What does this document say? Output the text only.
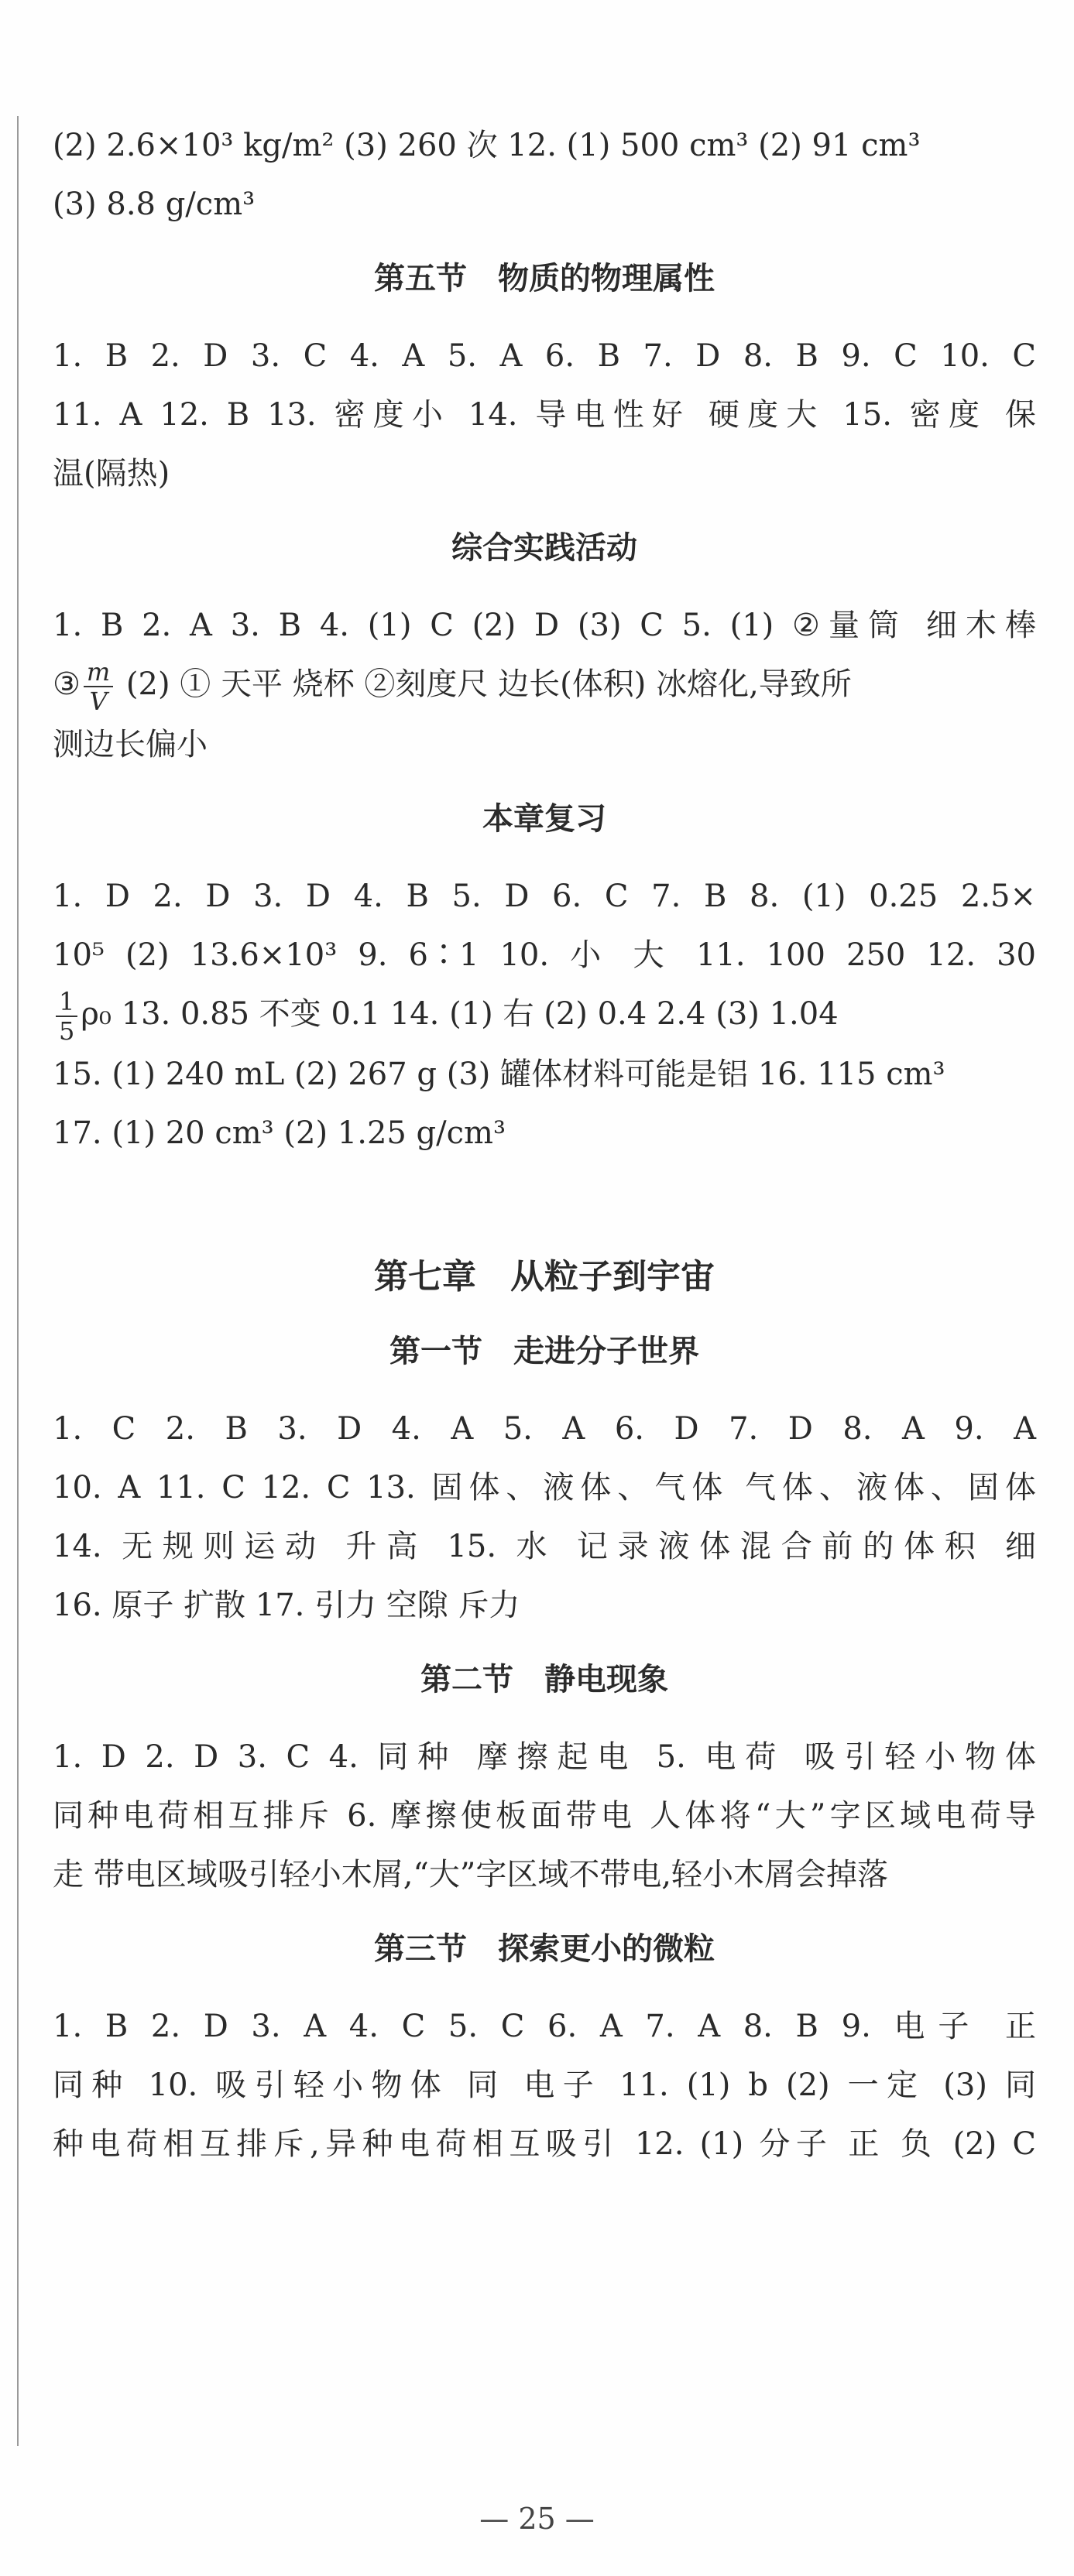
(2) 2.6×10³ kg/m² (3) 260 次 12. (1) 500 cm³ (2) 91 cm³
(3) 8.8 g/cm³
第五节　物质的物理属性
1. B 2. D 3. C 4. A 5. A 6. B 7. D 8. B 9. C 10. C
11. A 12. B 13. 密度小 14. 导电性好 硬度大 15. 密度 保
温(隔热)
综合实践活动
1. B 2. A 3. B 4. (1) C (2) D (3) C 5. (1) ②量筒 细木棒
③ $\frac{m}{V} (2)$ ① 天平 烧杯 ②刻度尺 边长(体积) 冰熔化,导致所
测边长偏小
本章复习
1. D 2. D 3. D 4. B 5. D 6. C 7. B 8. (1) 0.25 2.5×
10⁵ (2) 13.6×10³ 9. 6∶1 10. 小 大 11. 100 250 12. 30
$\frac{1}{5} \rho_0$ 13. 0.85 不变 0.1 14. (1) 右 (2) 0.4 2.4 (3) 1.04
15. (1) 240 mL (2) 267 g (3) 罐体材料可能是铝 16. 115 cm³
17. (1) 20 cm³ (2) 1.25 g/cm³
第七章　从粒子到宇宙
第一节　走进分子世界
1. C 2. B 3. D 4. A 5. A 6. D 7. D 8. A 9. A
10. A 11. C 12. C 13. 固体、液体、气体 气体、液体、固体
14. 无规则运动 升高 15. 水 记录液体混合前的体积 细
16. 原子 扩散 17. 引力 空隙 斥力
第二节　静电现象
1. D 2. D 3. C 4. 同种 摩擦起电 5. 电荷 吸引轻小物体
同种电荷相互排斥 6. 摩擦使板面带电 人体将“大”字区域电荷导
走 带电区域吸引轻小木屑,“大”字区域不带电,轻小木屑会掉落
第三节　探索更小的微粒
1. B 2. D 3. A 4. C 5. C 6. A 7. A 8. B 9. 电子 正
同种 10. 吸引轻小物体 同 电子 11. (1) b (2) 一定 (3) 同
种电荷相互排斥,异种电荷相互吸引 12. (1) 分子 正 负 (2) C
— 25 —
